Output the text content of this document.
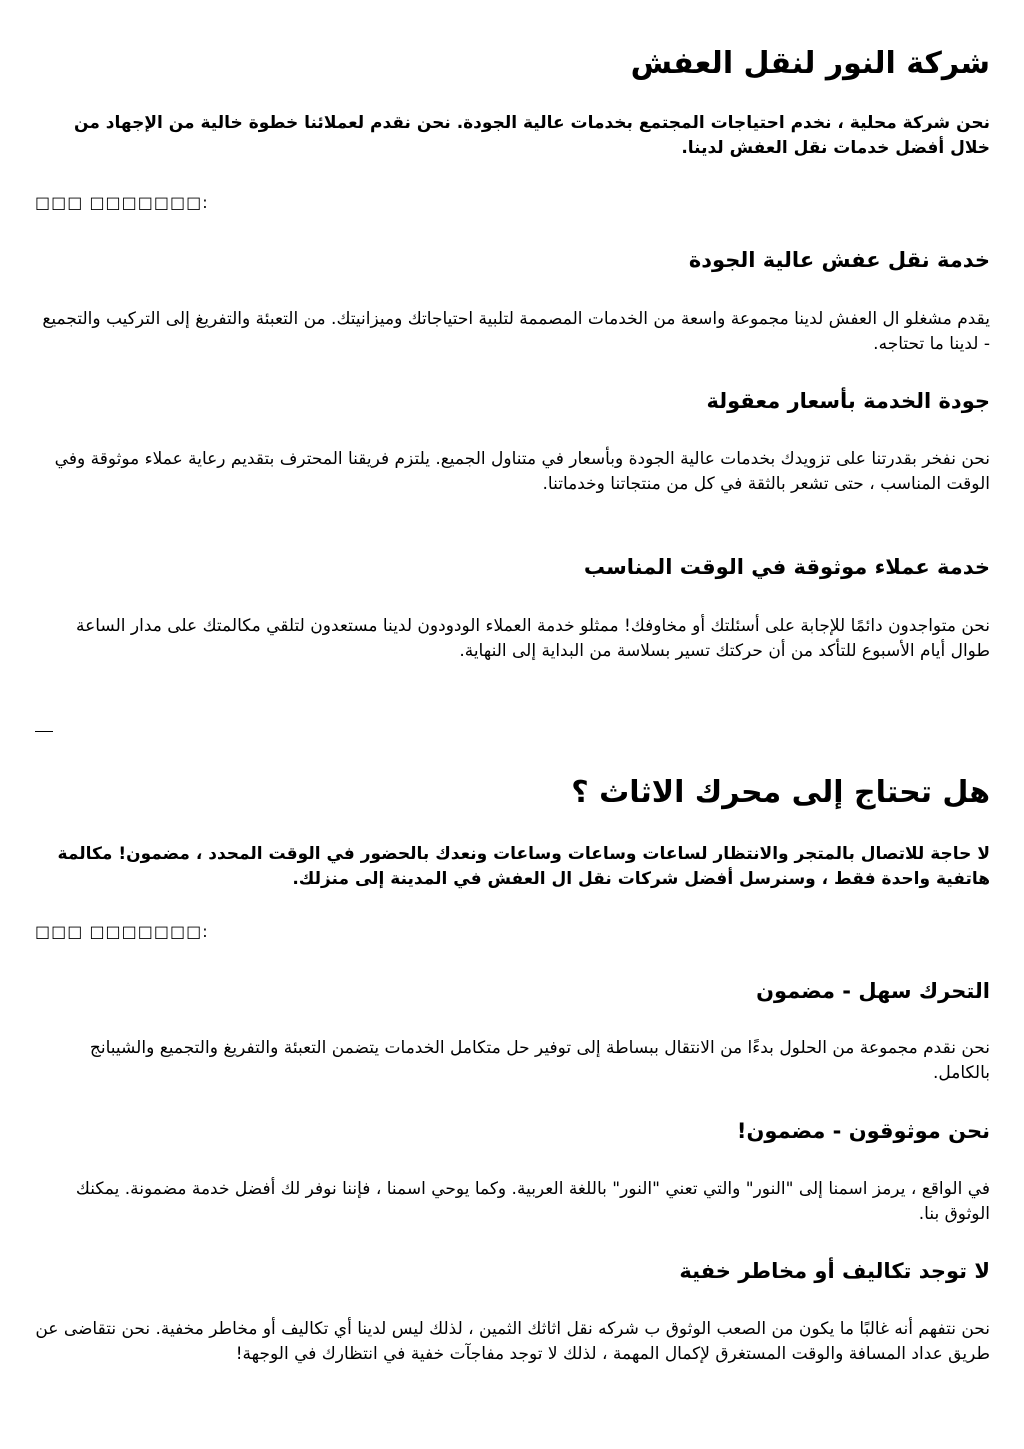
شركة النور لنقل العفش

نحن شركة محلية ، نخدم احتياجات المجتمع بخدمات عالية الجودة. نحن نقدم لعملائنا خطوة خالية من الإجهاد من خلال أفضل خدمات نقل العفش لدينا.

□□□ □□□□□□□:

خدمة نقل عفش عالية الجودة

يقدم مشغلو ال العفش لدينا مجموعة واسعة من الخدمات المصممة لتلبية احتياجاتك وميزانيتك. من التعبئة والتفريغ إلى التركيب والتجميع - لدينا ما تحتاجه.

جودة الخدمة بأسعار معقولة

نحن نفخر بقدرتنا على تزويدك بخدمات عالية الجودة وبأسعار في متناول الجميع. يلتزم فريقنا المحترف بتقديم رعاية عملاء موثوقة وفي الوقت المناسب ، حتى تشعر بالثقة في كل من منتجاتنا وخدماتنا.

خدمة عملاء موثوقة في الوقت المناسب

نحن متواجدون دائمًا للإجابة على أسئلتك أو مخاوفك! ممثلو خدمة العملاء الودودون لدينا مستعدون لتلقي مكالمتك على مدار الساعة طوال أيام الأسبوع للتأكد من أن حركتك تسير بسلاسة من البداية إلى النهاية.

هل تحتاج إلى محرك الاثاث ؟

لا حاجة للاتصال بالمتجر والانتظار لساعات وساعات وساعات ونعدك بالحضور في الوقت المحدد ، مضمون! مكالمة هاتفية واحدة فقط ، وسنرسل أفضل شركات نقل ال العفش في المدينة إلى منزلك.

□□□ □□□□□□□:

التحرك سهل - مضمون

نحن نقدم مجموعة من الحلول بدءًا من الانتقال ببساطة إلى توفير حل متكامل الخدمات يتضمن التعبئة والتفريغ والتجميع والشيبانج بالكامل.

نحن موثوقون - مضمون!

في الواقع ، يرمز اسمنا إلى "النور" والتي تعني "النور" باللغة العربية. وكما يوحي اسمنا ، فإننا نوفر لك أفضل خدمة مضمونة. يمكنك الوثوق بنا.

لا توجد تكاليف أو مخاطر خفية

نحن نتفهم أنه غالبًا ما يكون من الصعب الوثوق ب شركه نقل اثاثك الثمين ، لذلك ليس لدينا أي تكاليف أو مخاطر مخفية. نحن نتقاضى عن طريق عداد المسافة والوقت المستغرق لإكمال المهمة ، لذلك لا توجد مفاجآت خفية في انتظارك في الوجهة!
